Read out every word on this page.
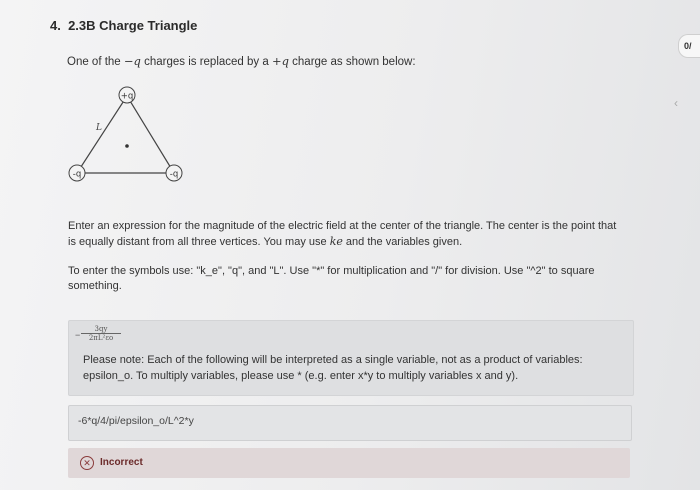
4. 2.3B Charge Triangle
0/
‹
One of the −q charges is replaced by a +q charge as shown below:
+q
-q	-q
L
Enter an expression for the magnitude of the electric field at the center of the triangle. The center is the point that
is equally distant from all three vertices. You may use ke and the variables given.
To enter the symbols use: "k_e", "q", and "L". Use "*" for multiplication and "/" for division. Use "^2" to square
something.
− $\frac{3qy}{\text{2πL²εo}}$
Please note: Each of the following will be interpreted as a single variable, not as a product of variables:
epsilon_o. To multiply variables, please use * (e.g. enter x*y to multiply variables x and y).
-6*q/4/pi/epsilon_o/L^2*y
✕ Incorrect
